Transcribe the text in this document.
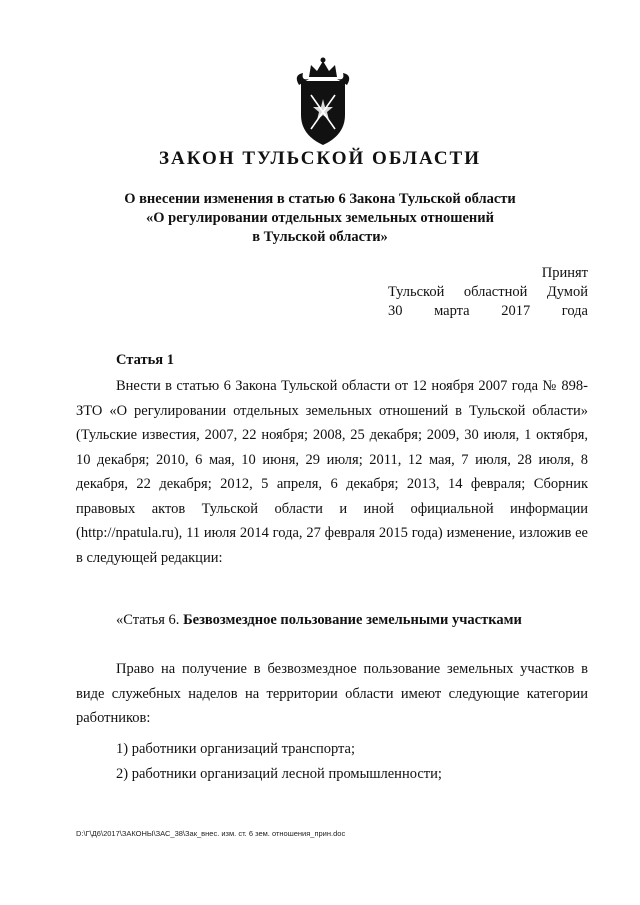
ЗАКОН ТУЛЬСКОЙ ОБЛАСТИ
О внесении изменения в статью 6 Закона Тульской области
«О регулировании отдельных земельных отношений
в Тульской области»
Принят
Тульской областной Думой
30 марта 2017 года
Статья 1
Внести в статью 6 Закона Тульской области от 12 ноября 2007 года № 898-ЗТО «О регулировании отдельных земельных отношений в Тульской области» (Тульские известия, 2007, 22 ноября; 2008, 25 декабря; 2009, 30 июля, 1 октября, 10 декабря; 2010, 6 мая, 10 июня, 29 июля; 2011, 12 мая, 7 июля, 28 июля, 8 декабря, 22 декабря; 2012, 5 апреля, 6 декабря; 2013, 14 февраля; Сборник правовых актов Тульской области и иной официальной информации (http://npatula.ru), 11 июля 2014 года, 27 февраля 2015 года) изменение, изложив ее в следующей редакции:
«Статья 6. Безвозмездное пользование земельными участками
Право на получение в безвозмездное пользование земельных участков в виде служебных наделов на территории области имеют следующие категории работников:
1) работники организаций транспорта;
2) работники организаций лесной промышленности;
D:\Г\Д6\2017\ЗАКОНЫ\ЗАС_38\Зак_внес. изм. ст. 6 зем. отношения_прин.doc
